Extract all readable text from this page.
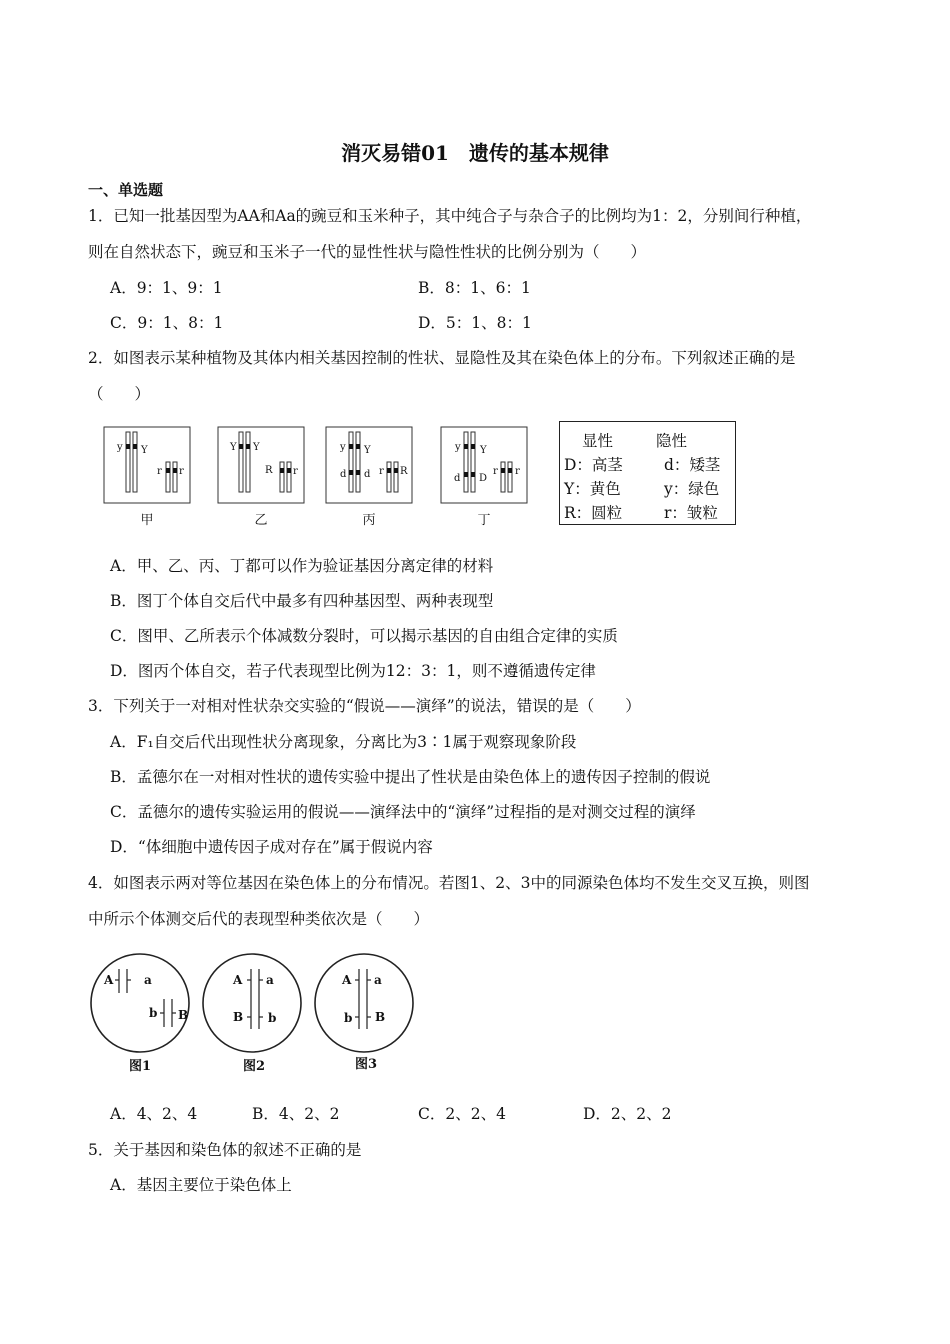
消灭易错01　遗传的基本规律
一、单选题
1．已知一批基因型为AA和Aa的豌豆和玉米种子，其中纯合子与杂合子的比例均为1：2，分别间行种植，
则在自然状态下，豌豆和玉米子一代的显性性状与隐性性状的比例分别为（　　）
A．9：1、9：1	B．8：1、6：1
C．9：1、8：1	D．5：1、8：1
2．如图表示某种植物及其体内相关基因控制的性状、显隐性及其在染色体上的分布。下列叙述正确的是
（　　）
y Y
r r
Y Y
R r
y Y
d d r R
y Y
d D
r r
甲	乙	丙	丁
显性	隐性
D：高茎	d：矮茎
Y：黄色	y：绿色
R：圆粒	r：皱粒
A．甲、乙、丙、丁都可以作为验证基因分离定律的材料
B．图丁个体自交后代中最多有四种基因型、两种表现型
C．图甲、乙所表示个体减数分裂时，可以揭示基因的自由组合定律的实质
D．图丙个体自交，若子代表现型比例为12：3：1，则不遵循遗传定律
3．下列关于一对相对性状杂交实验的“假说——演绎”的说法，错误的是（　　）
A．F₁自交后代出现性状分离现象，分离比为3∶1属于观察现象阶段
B．孟德尔在一对相对性状的遗传实验中提出了性状是由染色体上的遗传因子控制的假说
C．孟德尔的遗传实验运用的假说——演绎法中的“演绎”过程指的是对测交过程的演绎
D．“体细胞中遗传因子成对存在”属于假说内容
4．如图表示两对等位基因在染色体上的分布情况。若图1、2、3中的同源染色体均不发生交叉互换，则图
中所示个体测交后代的表现型种类依次是（　　）
A	a
b B
A a
B b
A a
b B
图1	图2	图3
A．4、2、4	B．4、2、2	C．2、2、4	D．2、2、2
5．关于基因和染色体的叙述不正确的是
A．基因主要位于染色体上
